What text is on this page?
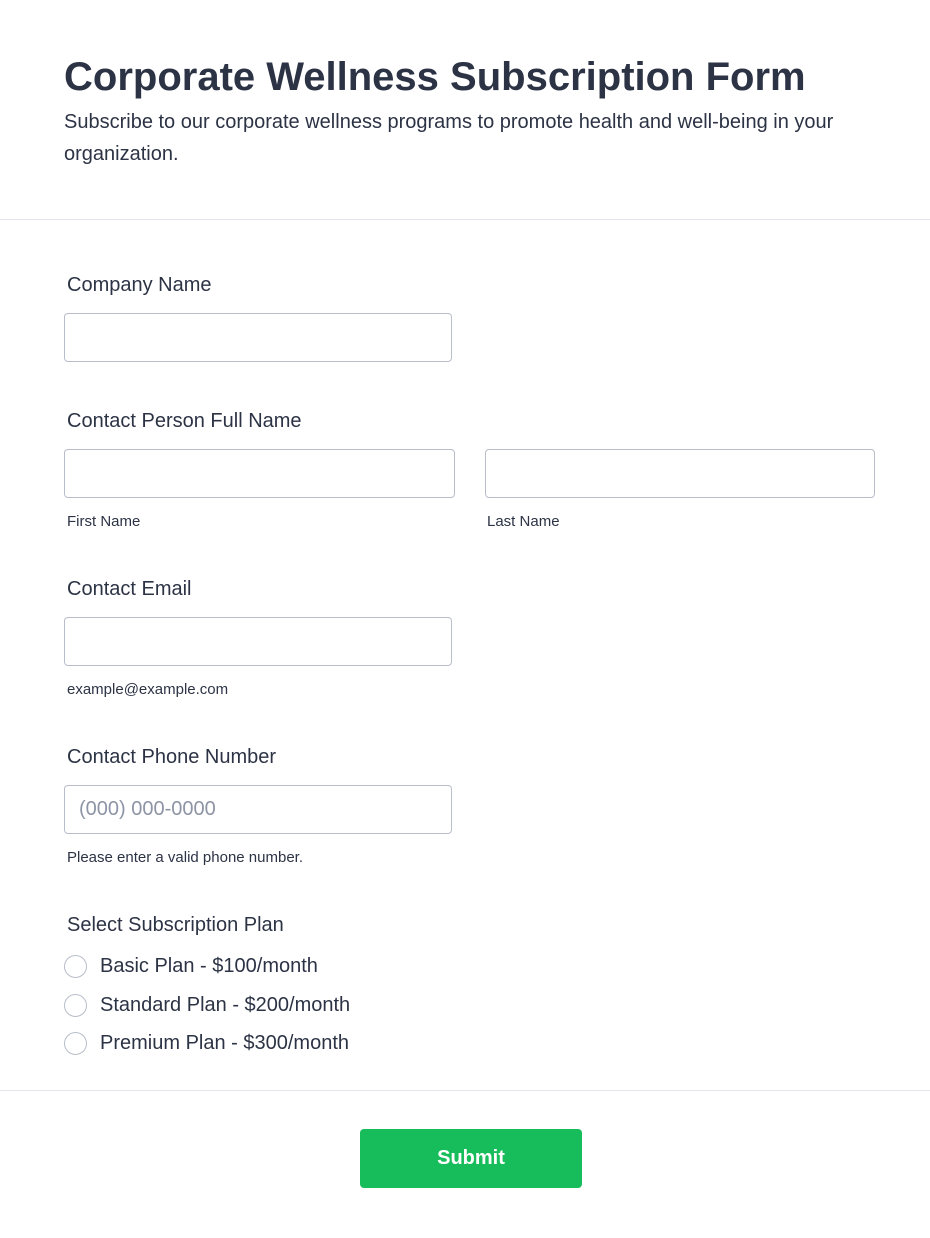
Corporate Wellness Subscription Form

Subscribe to our corporate wellness programs to promote health and well-being in your organization.

Company Name
Contact Person Full Name
First Name	Last Name
Contact Email
example@example.com
Contact Phone Number
(000) 000-0000
Please enter a valid phone number.
Select Subscription Plan
Basic Plan - $100/month
Standard Plan - $200/month
Premium Plan - $300/month
Submit
